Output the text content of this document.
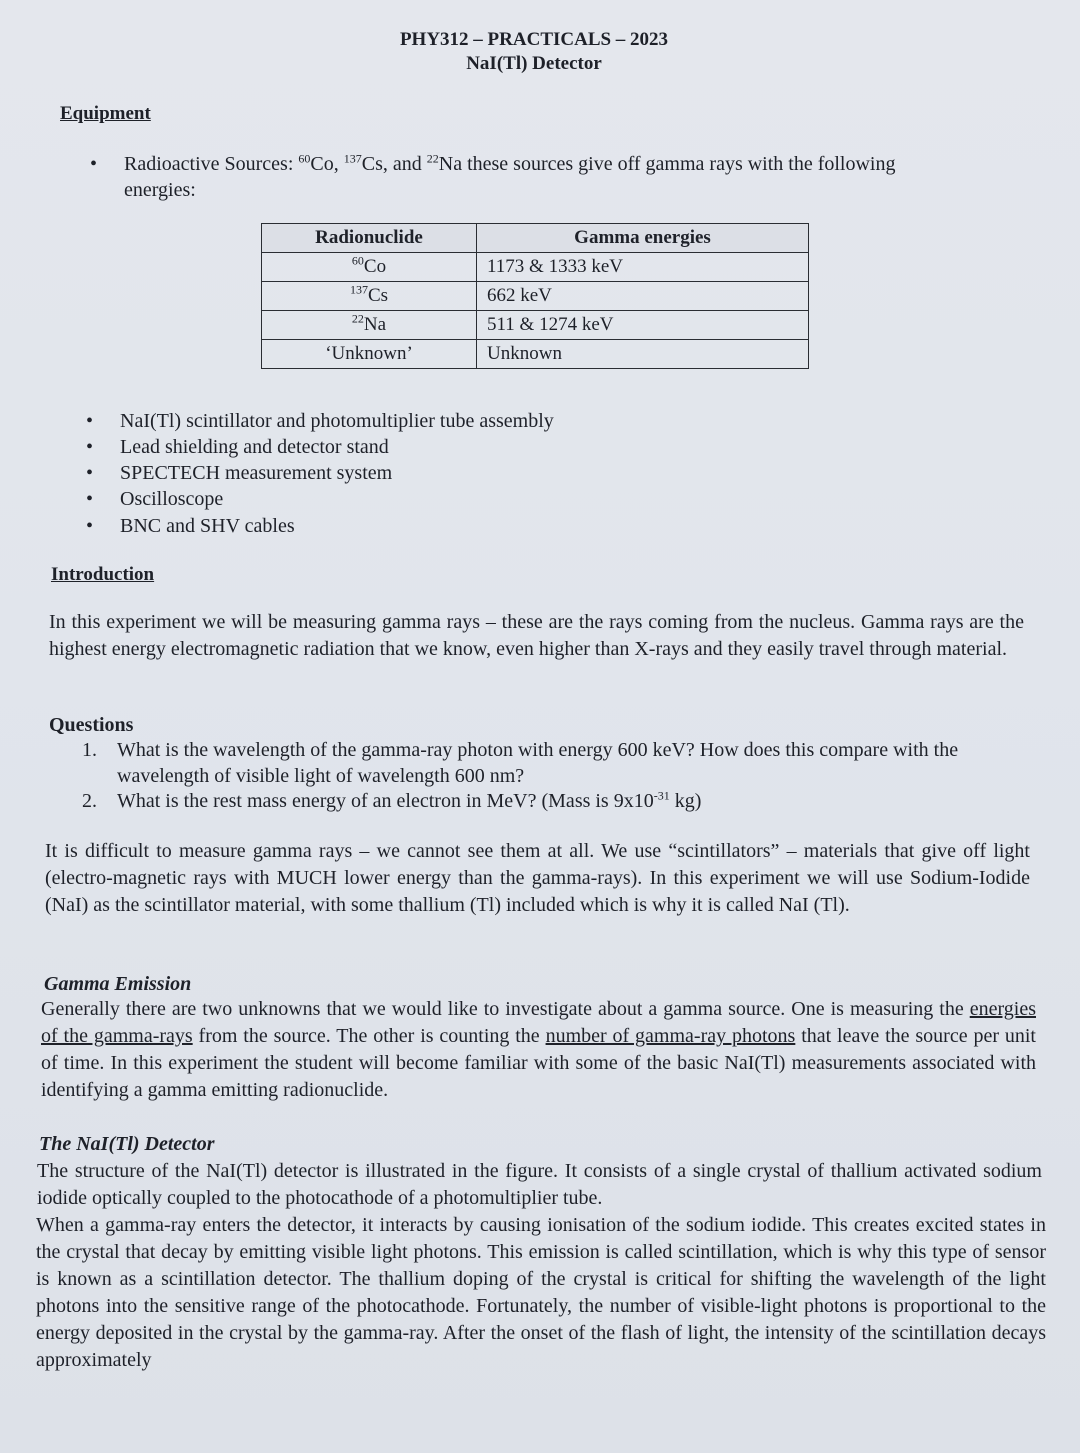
PHY312 – PRACTICALS – 2023
NaI(Tl) Detector
Equipment
• Radioactive Sources: $^{60}$Co, $^{137}$Cs, and $^{22}$Na these sources give off gamma rays with the following
energies:
Radionuclide	Gamma energies
$^{60}$Co	1173 & 1333 keV
$^{137}$Cs	662 keV
$^{22}$Na	511 & 1274 keV
‘Unknown’	Unknown
• NaI(Tl) scintillator and photomultiplier tube assembly
• Lead shielding and detector stand
• SPECTECH measurement system
• Oscilloscope
• BNC and SHV cables
Introduction
In this experiment we will be measuring gamma rays – these are the rays coming from the nucleus. Gamma rays are the highest energy electromagnetic radiation that we know, even higher than X-rays and they easily travel through material.
Questions
1. What is the wavelength of the gamma-ray photon with energy 600 keV? How does this compare with the wavelength of visible light of wavelength 600 nm?
2. What is the rest mass energy of an electron in MeV? (Mass is $9x10^{-31}$ kg)
It is difficult to measure gamma rays – we cannot see them at all. We use “scintillators” – materials that give off light (electro-magnetic rays with MUCH lower energy than the gamma-rays). In this experiment we will use Sodium-Iodide (NaI) as the scintillator material, with some thallium (Tl) included which is why it is called NaI (Tl).
Gamma Emission
Generally there are two unknowns that we would like to investigate about a gamma source. One is measuring the energies of the gamma-rays from the source. The other is counting the number of gamma-ray photons that leave the source per unit of time. In this experiment the student will become familiar with some of the basic NaI(Tl) measurements associated with identifying a gamma emitting radionuclide.
The NaI(Tl) Detector
The structure of the NaI(Tl) detector is illustrated in the figure. It consists of a single crystal of thallium activated sodium iodide optically coupled to the photocathode of a photomultiplier tube.
When a gamma-ray enters the detector, it interacts by causing ionisation of the sodium iodide. This creates excited states in the crystal that decay by emitting visible light photons. This emission is called scintillation, which is why this type of sensor is known as a scintillation detector. The thallium doping of the crystal is critical for shifting the wavelength of the light photons into the sensitive range of the photocathode. Fortunately, the number of visible-light photons is proportional to the energy deposited in the crystal by the gamma-ray. After the onset of the flash of light, the intensity of the scintillation decays approximately
